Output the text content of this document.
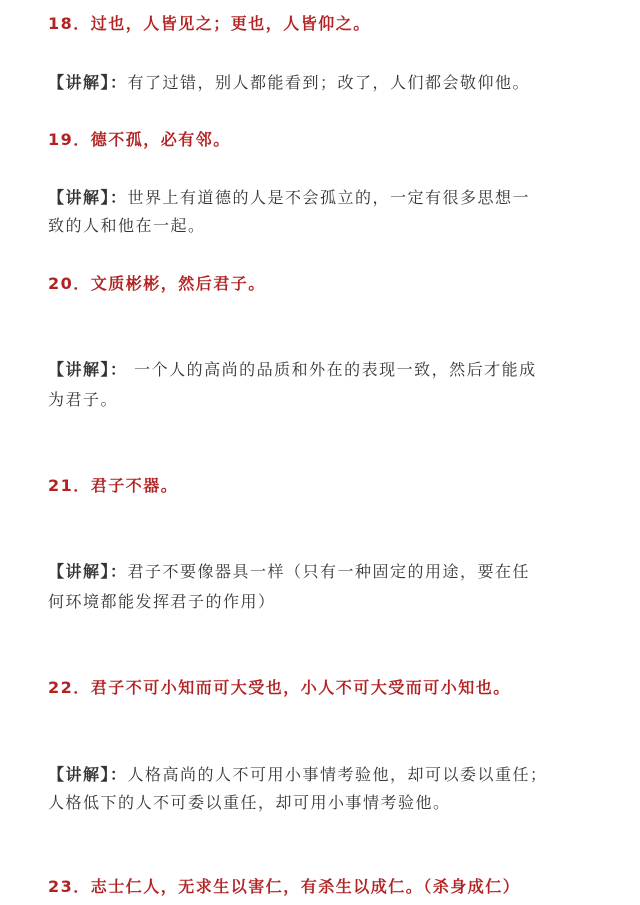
18．过也，人皆见之；更也，人皆仰之。
【讲解】：有了过错，别人都能看到；改了，人们都会敬仰他。
19．德不孤，必有邻。
【讲解】：世界上有道德的人是不会孤立的，一定有很多思想一
致的人和他在一起。
20．文质彬彬，然后君子。
【讲解】： 一个人的高尚的品质和外在的表现一致，然后才能成
为君子。
21．君子不器。
【讲解】：君子不要像器具一样（只有一种固定的用途，要在任
何环境都能发挥君子的作用）
22．君子不可小知而可大受也，小人不可大受而可小知也。
【讲解】：人格高尚的人不可用小事情考验他，却可以委以重任；
人格低下的人不可委以重任，却可用小事情考验他。
23．志士仁人，无求生以害仁，有杀生以成仁。（杀身成仁）
